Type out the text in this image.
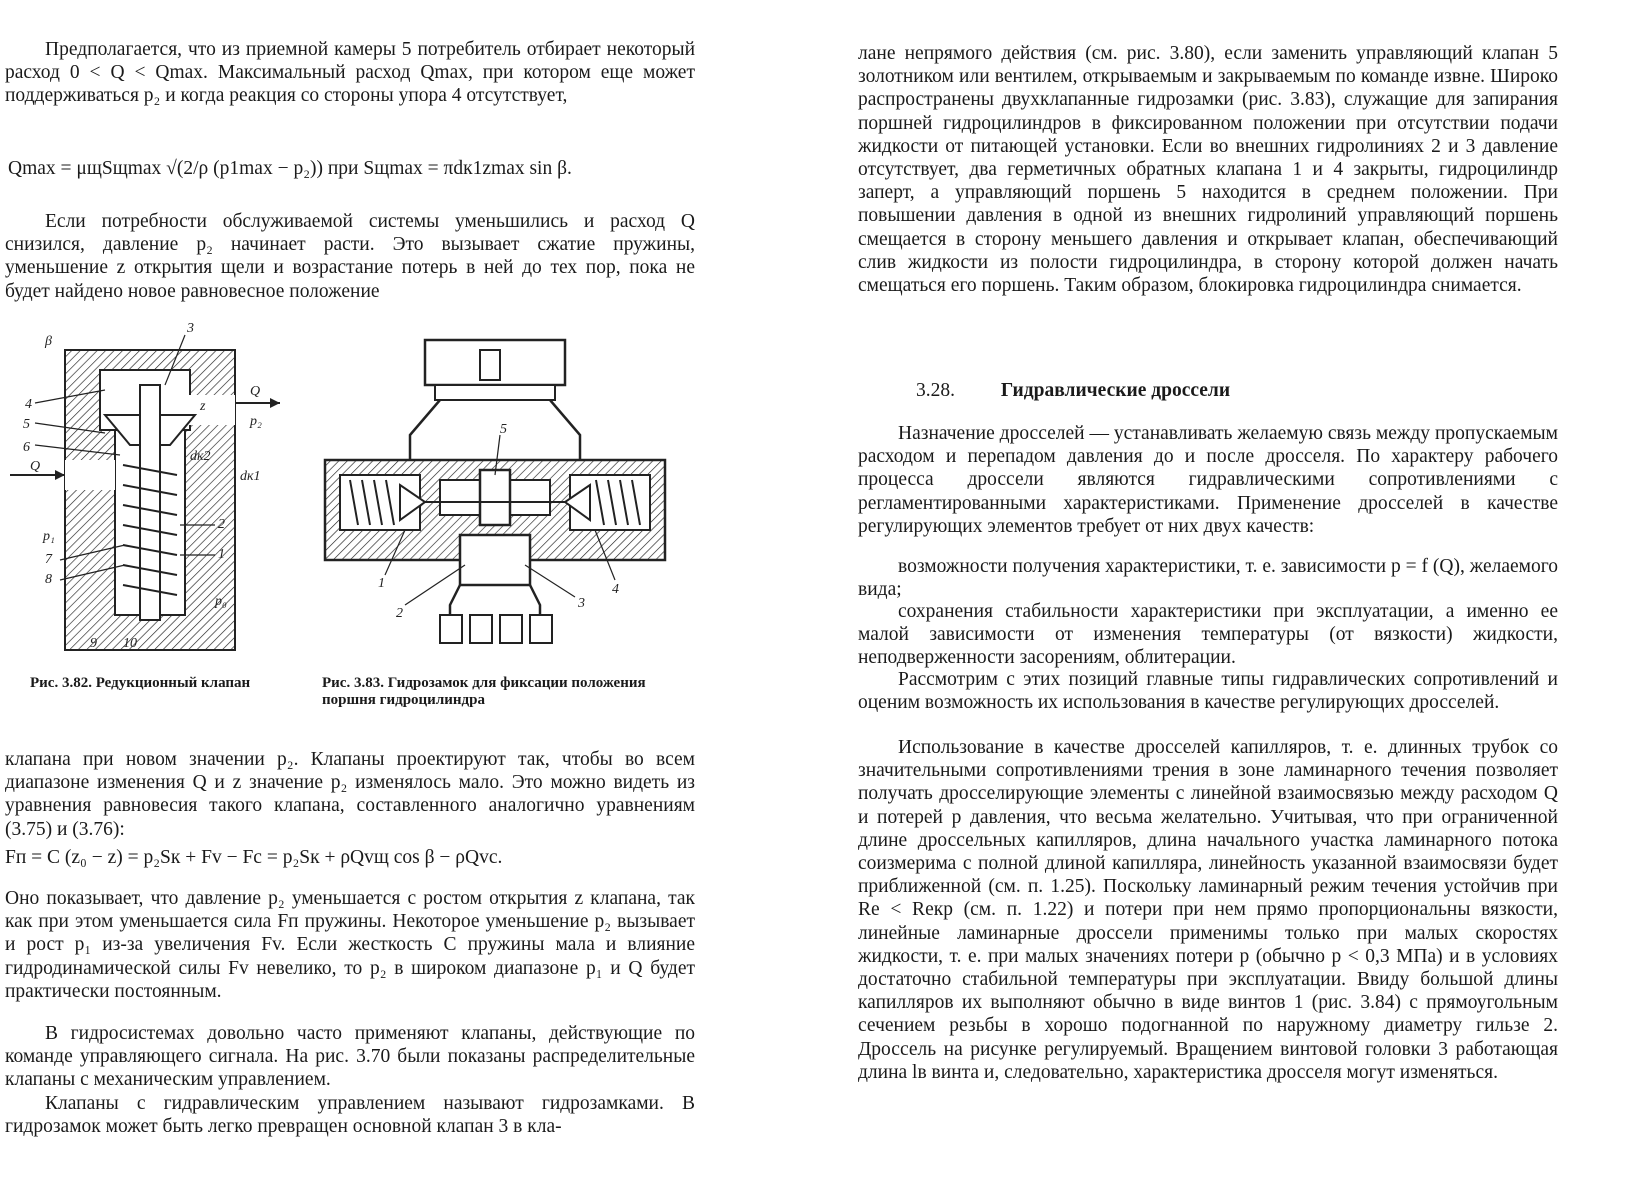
Предполагается, что из приемной камеры 5 потребитель отбирает некоторый расход 0 < Q < Qmax. Максимальный расход Qmax, при котором еще может поддерживаться p₂ и когда реакция со стороны упора 4 отсутствует,

Qmax = μщSщmax √(2/ρ (p1max − p₂)) при Sщmax = πdк1zmax sin β.

Если потребности обслуживаемой системы уменьшились и расход Q снизился, давление p₂ начинает расти. Это вызывает сжатие пружины, уменьшение z открытия щели и возрастание потерь в ней до тех пор, пока не будет найдено новое равновесное положение

β
3
4
5
6
Q
p₁
7
8
9 10
Q
p₂
z
dк2
dк1
2
1
p₀
5
1
2
3
4
Рис. 3.82. Редукционный клапан	Рис. 3.83. Гидрозамок для фиксации положения поршня гидроцилиндра

клапана при новом значении p₂. Клапаны проектируют так, чтобы во всем диапазоне изменения Q и z значение p₂ изменялось мало. Это можно видеть из уравнения равновесия такого клапана, составленного аналогично уравнениям (3.75) и (3.76):

Fп = C (z₀ − z) = p₂Sк + Fv − Fc = p₂Sк + ρQvщ cos β − ρQvc.

Оно показывает, что давление p₂ уменьшается с ростом открытия z клапана, так как при этом уменьшается сила Fп пружины. Некоторое уменьшение p₂ вызывает и рост p₁ из-за увеличения Fv. Если жесткость C пружины мала и влияние гидродинамической силы Fv невелико, то p₂ в широком диапазоне p₁ и Q будет практически постоянным.

В гидросистемах довольно часто применяют клапаны, действующие по команде управляющего сигнала. На рис. 3.70 были показаны распределительные клапаны с механическим управлением.

Клапаны с гидравлическим управлением называют гидрозамками. В гидрозамок может быть легко превращен основной клапан 3 в кла-

лане непрямого действия (см. рис. 3.80), если заменить управляющий клапан 5 золотником или вентилем, открываемым и закрываемым по команде извне. Широко распространены двухклапанные гидрозамки (рис. 3.83), служащие для запирания поршней гидроцилиндров в фиксированном положении при отсутствии подачи жидкости от питающей установки. Если во внешних гидролиниях 2 и 3 давление отсутствует, два герметичных обратных клапана 1 и 4 закрыты, гидроцилиндр заперт, а управляющий поршень 5 находится в среднем положении. При повышении давления в одной из внешних гидролиний управляющий поршень смещается в сторону меньшего давления и открывает клапан, обеспечивающий слив жидкости из полости гидроцилиндра, в сторону которой должен начать смещаться его поршень. Таким образом, блокировка гидроцилиндра снимается.

3.28. Гидравлические дроссели

Назначение дросселей — устанавливать желаемую связь между пропускаемым расходом и перепадом давления до и после дросселя. По характеру рабочего процесса дроссели являются гидравлическими сопротивлениями с регламентированными характеристиками. Применение дросселей в качестве регулирующих элементов требует от них двух качеств:

возможности получения характеристики, т. е. зависимости p = f (Q), желаемого вида;

сохранения стабильности характеристики при эксплуатации, а именно ее малой зависимости от изменения температуры (от вязкости) жидкости, неподверженности засорениям, облитерации.

Рассмотрим с этих позиций главные типы гидравлических сопротивлений и оценим возможность их использования в качестве регулирующих дросселей.

Использование в качестве дросселей капилляров, т. е. длинных трубок со значительными сопротивлениями трения в зоне ламинарного течения позволяет получать дросселирующие элементы с линейной взаимосвязью между расходом Q и потерей p давления, что весьма желательно. Учитывая, что при ограниченной длине дроссельных капилляров, длина начального участка ламинарного потока соизмерима с полной длиной капилляра, линейность указанной взаимосвязи будет приближенной (см. п. 1.25). Поскольку ламинарный режим течения устойчив при Re < Reкр (см. п. 1.22) и потери при нем прямо пропорциональны вязкости, линейные ламинарные дроссели применимы только при малых скоростях жидкости, т. е. при малых значениях потери p (обычно p < 0,3 МПа) и в условиях достаточно стабильной температуры при эксплуатации. Ввиду большой длины капилляров их выполняют обычно в виде винтов 1 (рис. 3.84) с прямоугольным сечением резьбы в хорошо подогнанной по наружному диаметру гильзе 2. Дроссель на рисунке регулируемый. Вращением винтовой головки 3 работающая длина lв винта и, следовательно, характеристика дросселя могут изменяться.
